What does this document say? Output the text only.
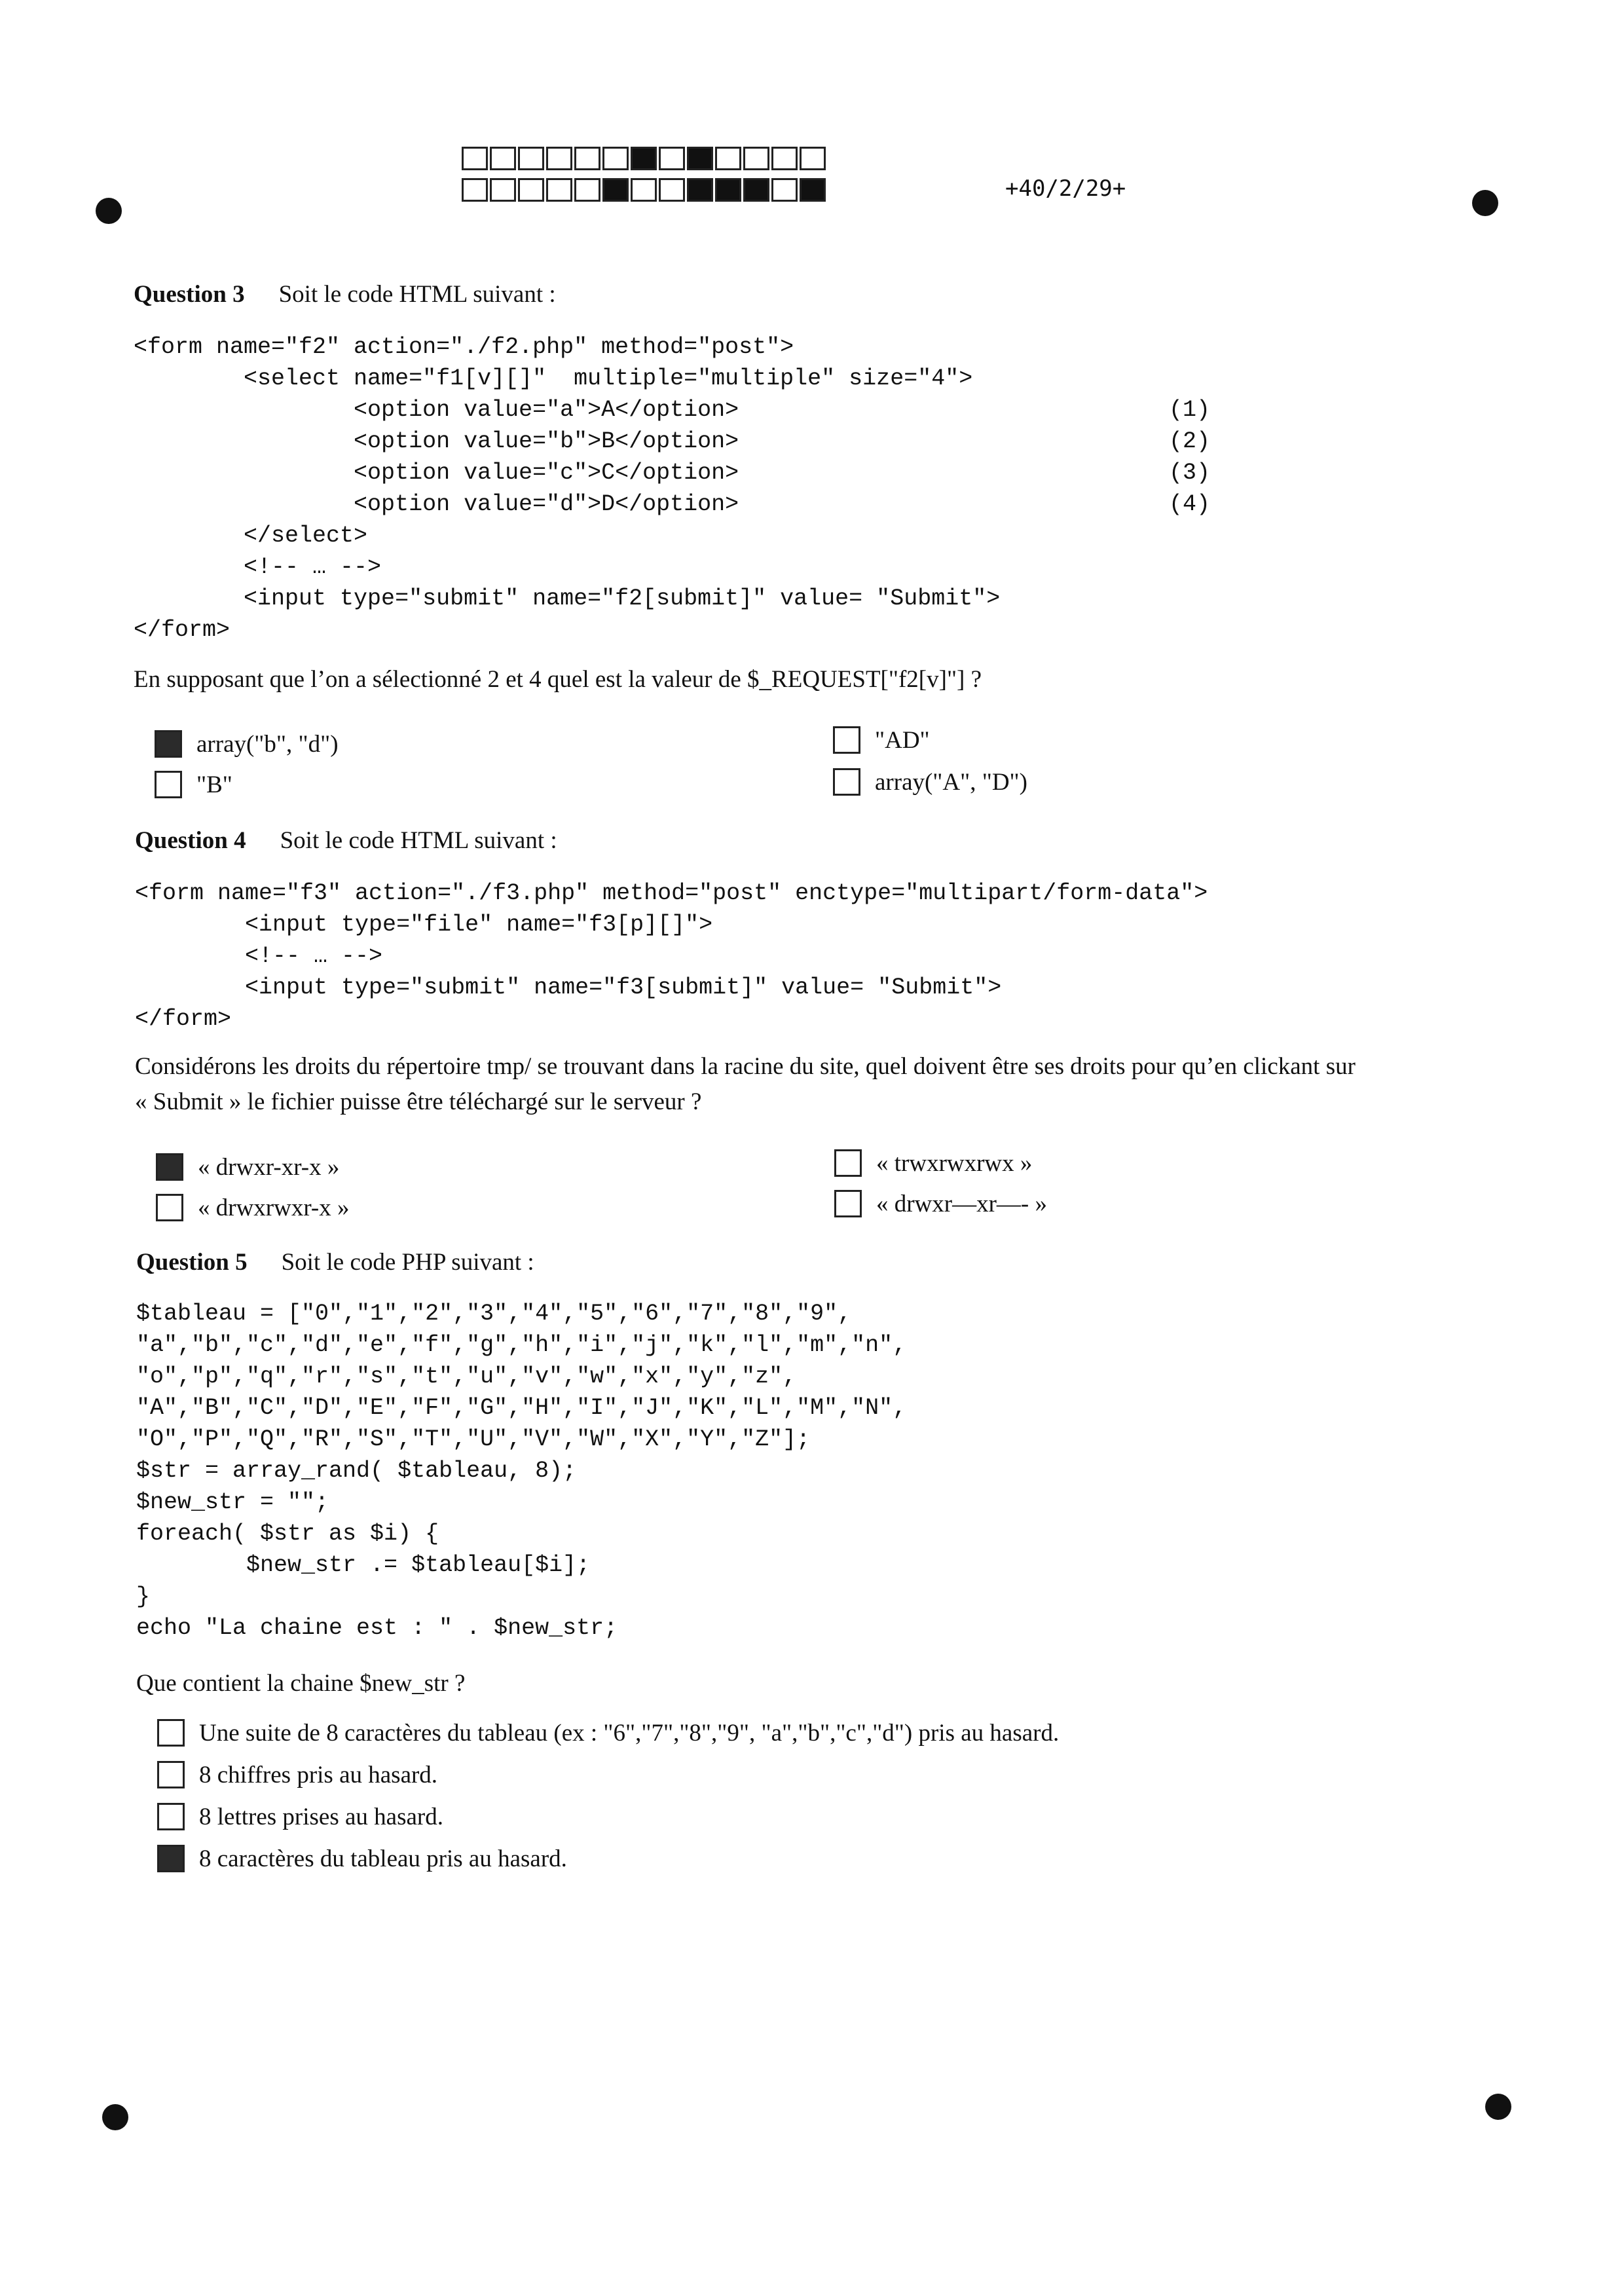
+40/2/29+
Question 3 Soit le code HTML suivant :
<form name="f2" action="./f2.php" method="post">
<select name="f1[v][]"  multiple="multiple" size="4">
<option value="a">A</option>
<option value="b">B</option>
<option value="c">C</option>
<option value="d">D</option>
</select>
<!-- … -->
<input type="submit" name="f2[submit]" value= "Submit">
</form>
(1)
(2)
(3)
(4)
En supposant que l’on a sélectionné 2 et 4 quel est la valeur de $_REQUEST["f2[v]"] ?
array("b", "d")
"B"
"AD"
array("A", "D")
Question 4 Soit le code HTML suivant :
<form name="f3" action="./f3.php" method="post" enctype="multipart/form-data">
<input type="file" name="f3[p][]">
<!-- … -->
<input type="submit" name="f3[submit]" value= "Submit">
</form>
Considérons les droits du répertoire tmp/ se trouvant dans la racine du site, quel doivent être ses droits pour qu’en clickant sur
« Submit » le fichier puisse être téléchargé sur le serveur ?
« drwxr-xr-x »
« drwxrwxr-x »
« trwxrwxrwx »
« drwxr—xr—- »
Question 5 Soit le code PHP suivant :
$tableau = ["0","1","2","3","4","5","6","7","8","9",
"a","b","c","d","e","f","g","h","i","j","k","l","m","n",
"o","p","q","r","s","t","u","v","w","x","y","z",
"A","B","C","D","E","F","G","H","I","J","K","L","M","N",
"O","P","Q","R","S","T","U","V","W","X","Y","Z"];
$str = array_rand( $tableau, 8);
$new_str = "";
foreach( $str as $i) {
$new_str .= $tableau[$i];
}
echo "La chaine est : " . $new_str;
Que contient la chaine $new_str ?
Une suite de 8 caractères du tableau (ex : "6","7","8","9", "a","b","c","d") pris au hasard.
8 chiffres pris au hasard.
8 lettres prises au hasard.
8 caractères du tableau pris au hasard.
